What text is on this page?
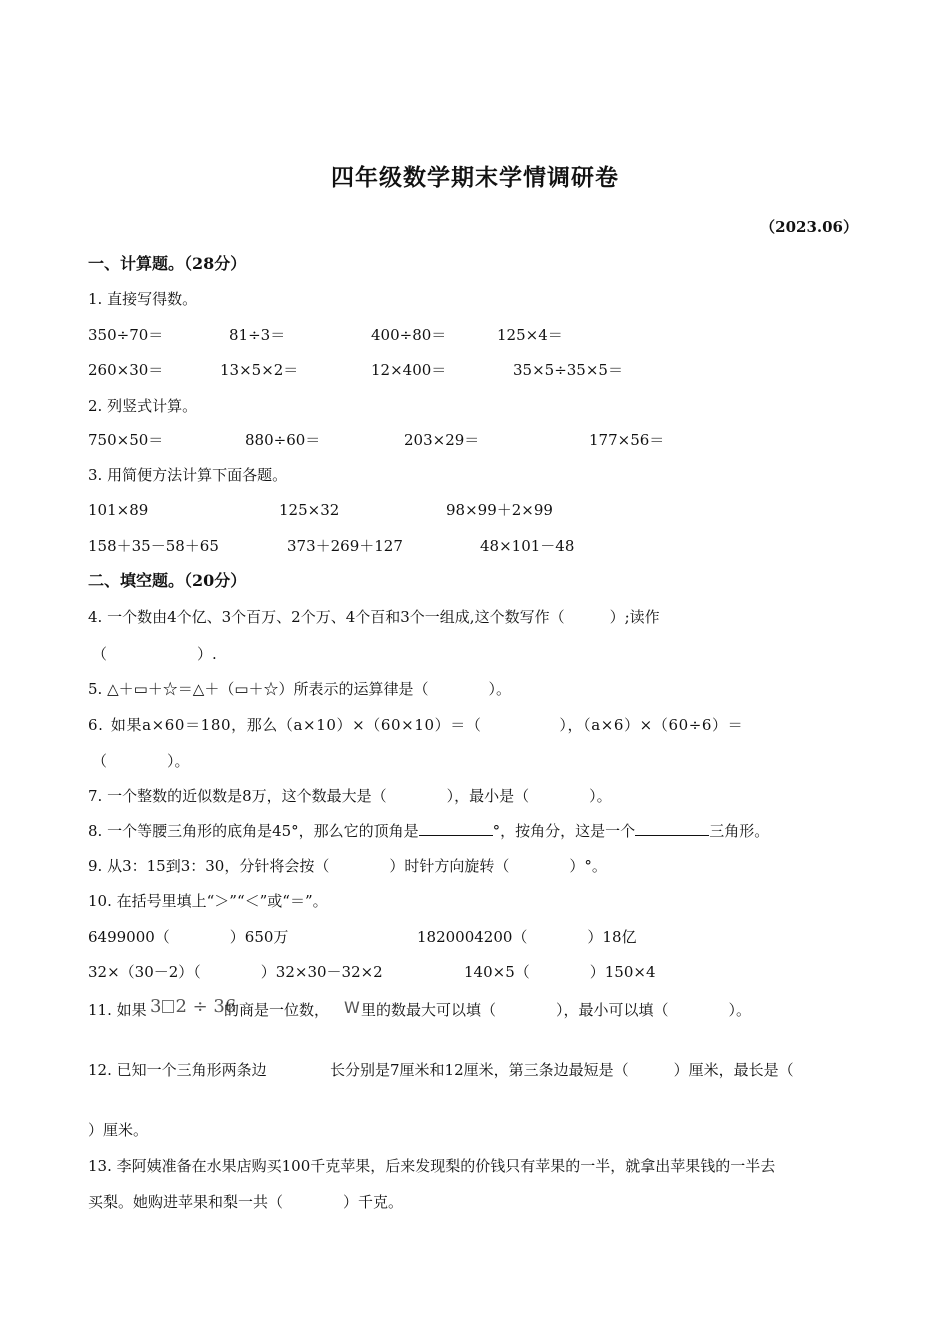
四年级数学期末学情调研卷
（2023.06）
一、计算题。（28分）
1. 直接写得数。
350÷70＝	81÷3＝	400÷80＝	125×4＝
260×30＝	13×5×2＝	12×400＝	35×5÷35×5＝
2. 列竖式计算。
750×50＝	880÷60＝	203×29＝	177×56＝
3. 用简便方法计算下面各题。
101×89	125×32	98×99＋2×99
158＋35－58＋65	373＋269＋127	48×101－48
二、填空题。（20分）
4. 一个数由4个亿、3个百万、2个万、4个百和3个一组成,这个数写作（　　　）;读作
（　　　　　　）.
5. △＋▭＋☆＝△＋（▭＋☆）所表示的运算律是（　　　　）。
6. 如果a×60＝180，那么（a×10）×（60×10）＝（　　　　　），（a×6）×（60÷6）＝
（　　　　）。
7. 一个整数的近似数是8万，这个数最大是（　　　　），最小是（　　　　）。
8. 一个等腰三角形的底角是45°，那么它的顶角是	°，按角分，这是一个	三角形。
9. 从3：15到3：30，分针将会按（　　　　）时针方向旋转（　　　　）°。
10. 在括号里填上“＞”“＜”或“＝”。
6499000（　　　　）650万	1820004200（　　　　）18亿
32×（30－2）（　　　　）32×30－32×2	140×5（　　　　）150×4
11. 如果 3 2 ÷ 36
的商是一位数， W 里的数最大可以填（　　　　），最小可以填（　　　　）。
12. 已知一个三角形两条边	长分别是7厘米和12厘米，第三条边最短是（　　　）厘米，最长是（
）厘米。
13. 李阿姨准备在水果店购买100千克苹果，后来发现梨的价钱只有苹果的一半，就拿出苹果钱的一半去
买梨。她购进苹果和梨一共（　　　　）千克。
